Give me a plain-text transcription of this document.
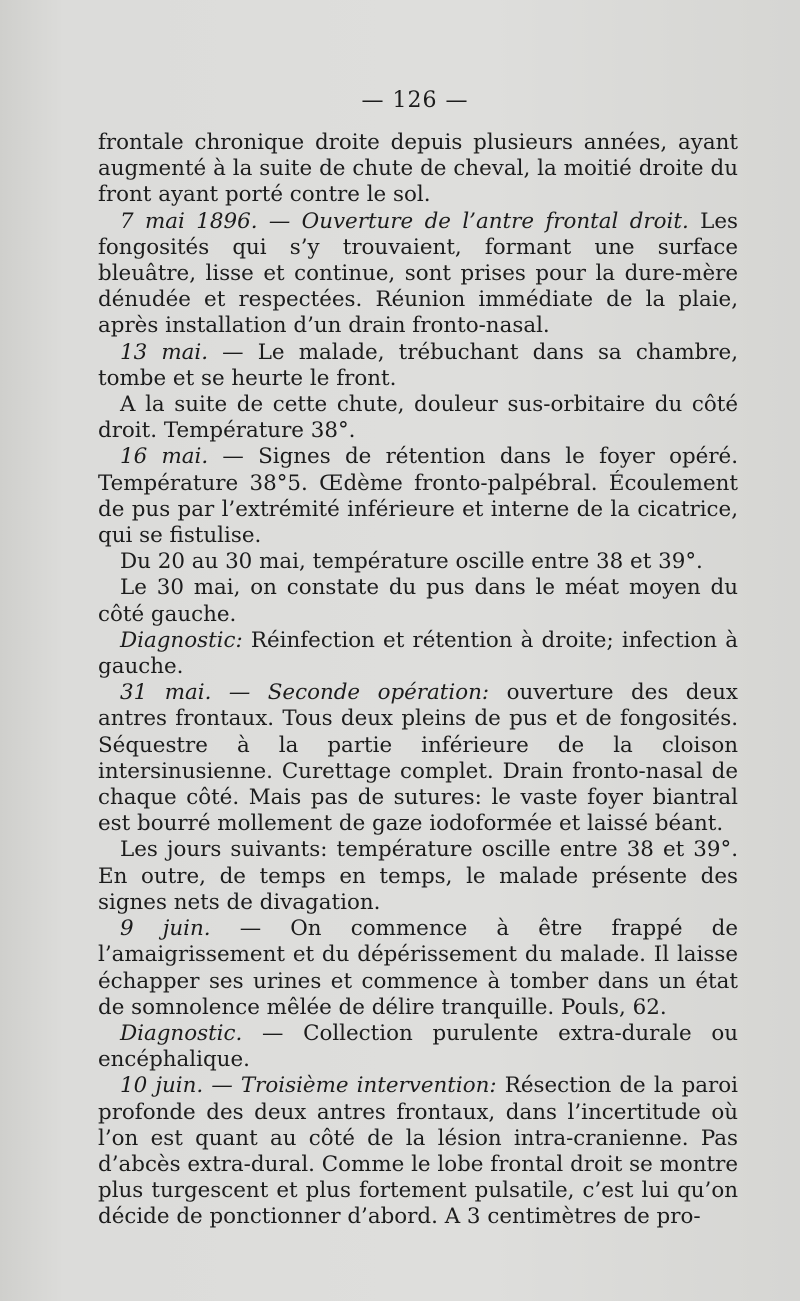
— 126 —

frontale chronique droite depuis plusieurs années, ayant augmenté à la suite de chute de cheval, la moitié droite du front ayant porté contre le sol.

7 mai 1896. — Ouverture de l’antre frontal droit. Les fongosités qui s’y trouvaient, formant une surface bleuâtre, lisse et continue, sont prises pour la dure-mère dénudée et respectées. Réunion immédiate de la plaie, après installation d’un drain fronto-nasal.

13 mai. — Le malade, trébuchant dans sa chambre, tombe et se heurte le front.

A la suite de cette chute, douleur sus-orbitaire du côté droit. Température 38°.

16 mai. — Signes de rétention dans le foyer opéré. Température 38°5. Œdème fronto-palpébral. Écoulement de pus par l’extrémité inférieure et interne de la cicatrice, qui se fistulise.

Du 20 au 30 mai, température oscille entre 38 et 39°.

Le 30 mai, on constate du pus dans le méat moyen du côté gauche.

Diagnostic: Réinfection et rétention à droite; infection à gauche.

31 mai. — Seconde opération: ouverture des deux antres frontaux. Tous deux pleins de pus et de fongosités. Séquestre à la partie inférieure de la cloison intersinusienne. Curettage complet. Drain fronto-nasal de chaque côté. Mais pas de sutures: le vaste foyer biantral est bourré mollement de gaze iodoformée et laissé béant.

Les jours suivants: température oscille entre 38 et 39°. En outre, de temps en temps, le malade présente des signes nets de divagation.

9 juin. — On commence à être frappé de l’amaigrissement et du dépérissement du malade. Il laisse échapper ses urines et commence à tomber dans un état de somnolence mêlée de délire tranquille. Pouls, 62.

Diagnostic. — Collection purulente extra-durale ou encéphalique.

10 juin. — Troisième intervention: Résection de la paroi profonde des deux antres frontaux, dans l’incertitude où l’on est quant au côté de la lésion intra-cranienne. Pas d’abcès extra-dural. Comme le lobe frontal droit se montre plus turgescent et plus fortement pulsatile, c’est lui qu’on décide de ponctionner d’abord. A 3 centimètres de pro-
